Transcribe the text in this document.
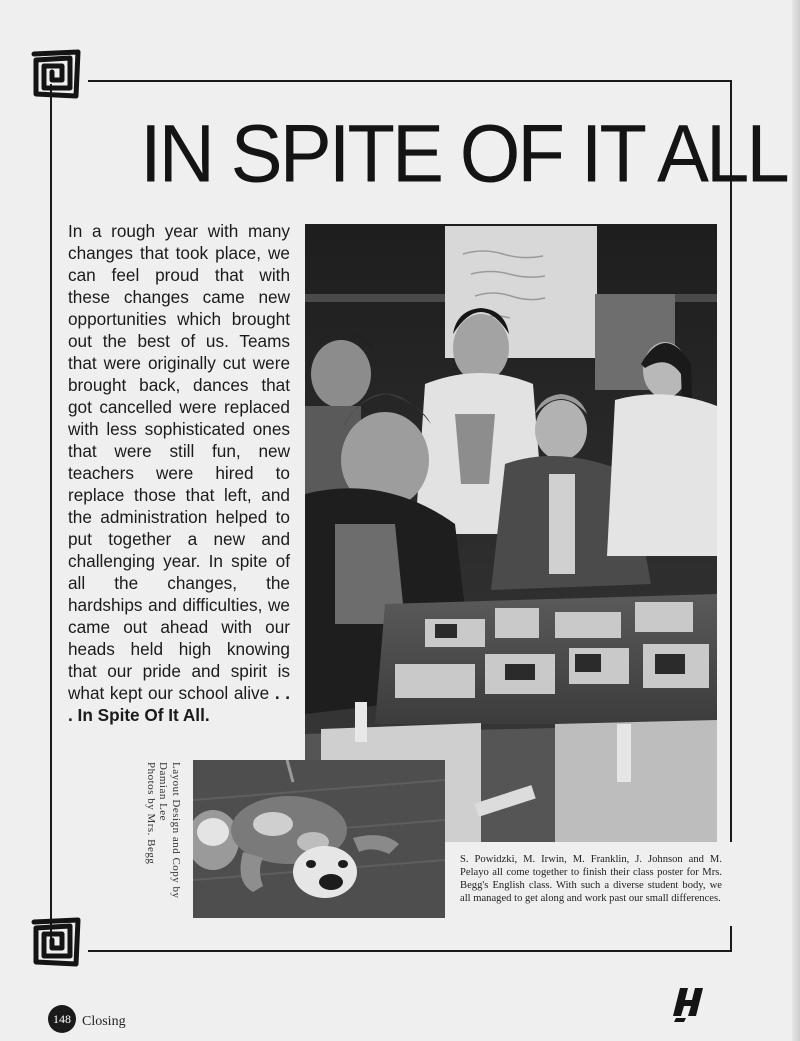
IN SPITE OF IT ALL
In a rough year with many changes that took place, we can feel proud that with these changes came new opportunities which brought out the best of us. Teams that were originally cut were brought back, dances that got cancelled were replaced with less sophisticated ones that were still fun, new teachers were hired to replace those that left, and the administration helped to put together a new and challenging year. In spite of all the changes, the hardships and difficulties, we came out ahead with our heads held high knowing that our pride and spirit is what kept our school alive . . . In Spite Of It All.
S. Powidzki, M. Irwin, M. Franklin, J. Johnson and M. Pelayo all come together to finish their class poster for Mrs. Begg's English class. With such a diverse student body, we all managed to get along and work past our small differences.
Layout Design and Copy by
Damian Lee
Photos by Mrs. Begg
148 Closing
